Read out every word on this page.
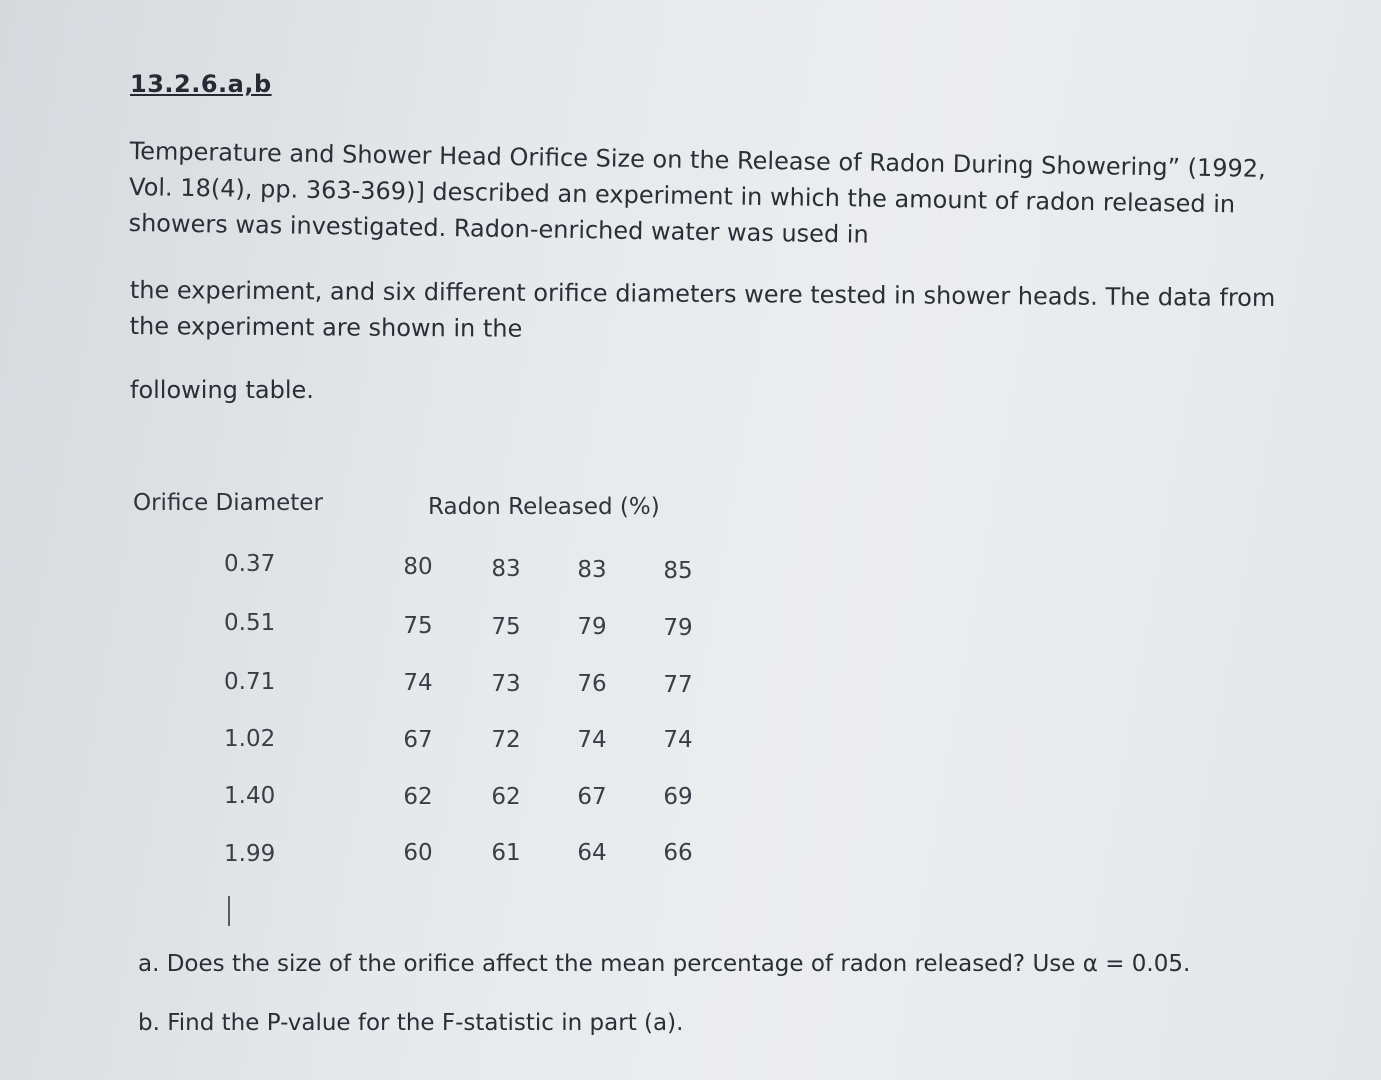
13.2.6.a,b
Temperature and Shower Head Orifice Size on the Release of Radon During Showering” (1992,
Vol. 18(4), pp. 363-369)] described an experiment in which the amount of radon released in
showers was investigated. Radon-enriched water was used in
the experiment, and six different orifice diameters were tested in shower heads. The data from
the experiment are shown in the
following table.
Orifice Diameter	Radon Released (%)
0.37	80	83	83	85
0.51	75	75	79	79
0.71	74	73	76	77
1.02	67	72	74	74
1.40	62	62	67	69
1.99	60	61	64	66
a. Does the size of the orifice affect the mean percentage of radon released? Use α = 0.05.
b. Find the P-value for the F-statistic in part (a).
